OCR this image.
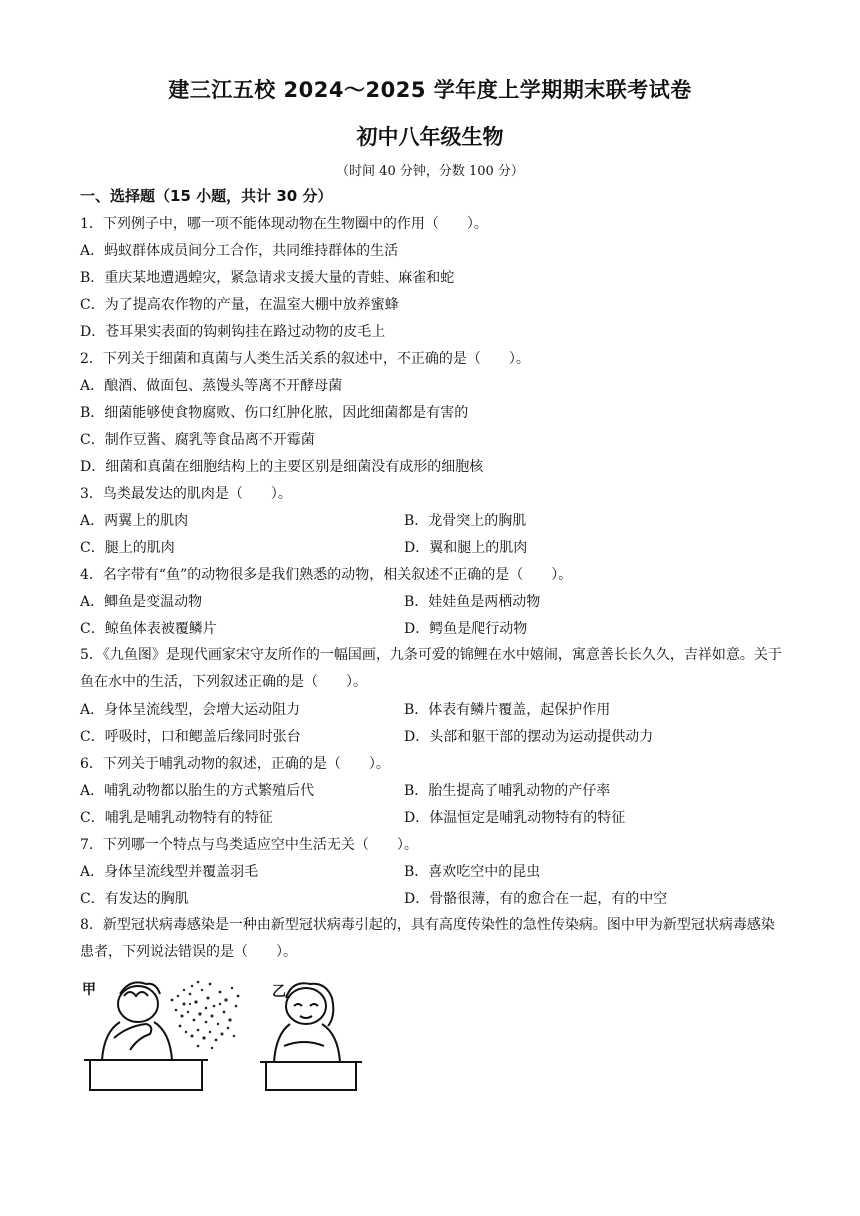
建三江五校 2024～2025 学年度上学期期末联考试卷
初中八年级生物
（时间 40 分钟，分数 100 分）
一、选择题（15 小题，共计 30 分）
1．下列例子中，哪一项不能体现动物在生物圈中的作用（　　）。
A．蚂蚁群体成员间分工合作，共同维持群体的生活
B．重庆某地遭遇蝗灾，紧急请求支援大量的青蛙、麻雀和蛇
C．为了提高农作物的产量，在温室大棚中放养蜜蜂
D．苍耳果实表面的钩刺钩挂在路过动物的皮毛上
2．下列关于细菌和真菌与人类生活关系的叙述中，不正确的是（　　）。
A．酿酒、做面包、蒸馒头等离不开酵母菌
B．细菌能够使食物腐败、伤口红肿化脓，因此细菌都是有害的
C．制作豆酱、腐乳等食品离不开霉菌
D．细菌和真菌在细胞结构上的主要区别是细菌没有成形的细胞核
3．鸟类最发达的肌肉是（　　）。
A．两翼上的肌肉	B．龙骨突上的胸肌
C．腿上的肌肉	D．翼和腿上的肌肉
4．名字带有“鱼”的动物很多是我们熟悉的动物，相关叙述不正确的是（　　）。
A．鲫鱼是变温动物	B．娃娃鱼是两栖动物
C．鲸鱼体表被覆鳞片	D．鳄鱼是爬行动物
5．《九鱼图》是现代画家宋守友所作的一幅国画，九条可爱的锦鲤在水中嬉闹，寓意善长长久久，吉祥如意。关于鱼在水中的生活，下列叙述正确的是（　　）。
A．身体呈流线型，会增大运动阻力	B．体表有鳞片覆盖，起保护作用
C．呼吸时，口和鳃盖后缘同时张台	D．头部和躯干部的摆动为运动提供动力
6．下列关于哺乳动物的叙述，正确的是（　　）。
A．哺乳动物都以胎生的方式繁殖后代	B．胎生提高了哺乳动物的产仔率
C．哺乳是哺乳动物特有的特征	D．体温恒定是哺乳动物特有的特征
7．下列哪一个特点与鸟类适应空中生活无关（　　）。
A．身体呈流线型并覆盖羽毛	B．喜欢吃空中的昆虫
C．有发达的胸肌	D．骨骼很薄，有的愈合在一起，有的中空
8．新型冠状病毒感染是一种由新型冠状病毒引起的，具有高度传染性的急性传染病。图中甲为新型冠状病毒感染患者，下列说法错误的是（　　）。
甲	乙
